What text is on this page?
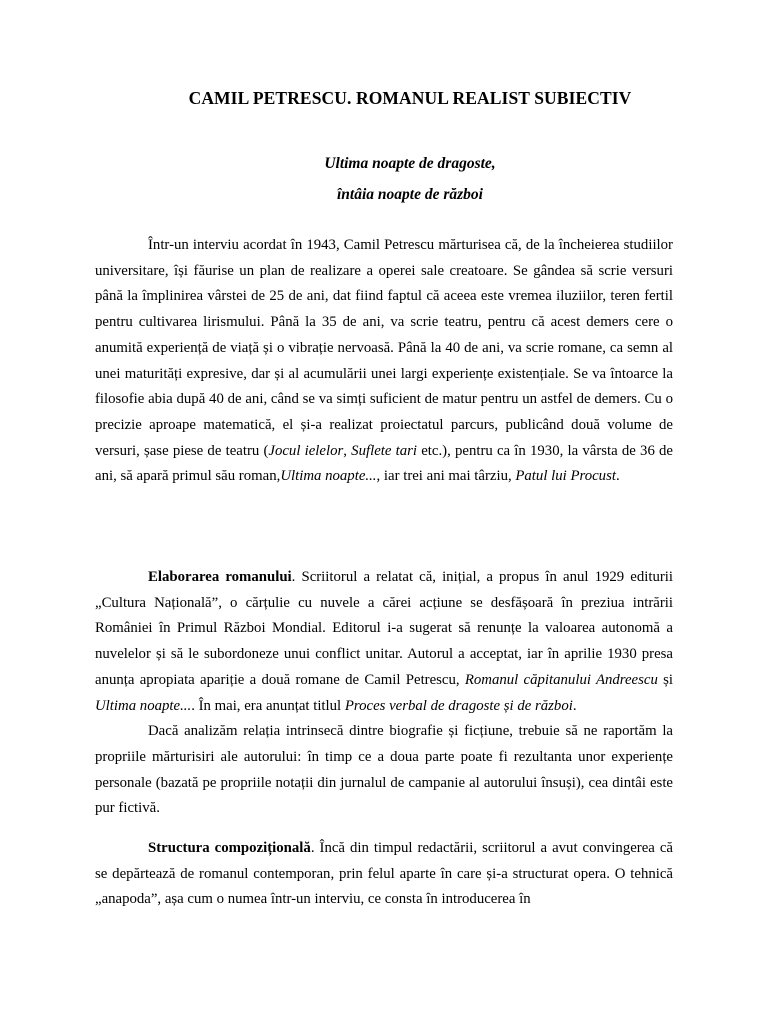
CAMIL PETRESCU. ROMANUL REALIST SUBIECTIV
Ultima noapte de dragoste,
întâia noapte de război

Într-un interviu acordat în 1943, Camil Petrescu mărturisea că, de la încheierea studiilor universitare, își făurise un plan de realizare a operei sale creatoare. Se gândea să scrie versuri până la împlinirea vârstei de 25 de ani, dat fiind faptul că aceea este vremea iluziilor, teren fertil pentru cultivarea lirismului. Până la 35 de ani, va scrie teatru, pentru că acest demers cere o anumită experiență de viață și o vibrație nervoasă. Până la 40 de ani, va scrie romane, ca semn al unei maturități expresive, dar și al acumulării unei largi experiențe existențiale. Se va întoarce la filosofie abia după 40 de ani, când se va simți suficient de matur pentru un astfel de demers. Cu o precizie aproape matematică, el și-a realizat proiectatul parcurs, publicând două volume de versuri, șase piese de teatru (Jocul ielelor, Suflete tari etc.), pentru ca în 1930, la vârsta de 36 de ani, să apară primul său roman,Ultima noapte..., iar trei ani mai târziu, Patul lui Procust.

Elaborarea romanului. Scriitorul a relatat că, inițial, a propus în anul 1929 editurii „Cultura Națională”, o cărțulie cu nuvele a cărei acțiune se desfășoară în preziua intrării României în Primul Război Mondial. Editorul i-a sugerat să renunțe la valoarea autonomă a nuvelelor și să le subordoneze unui conflict unitar. Autorul a acceptat, iar în aprilie 1930 presa anunța apropiata apariție a două romane de Camil Petrescu, Romanul căpitanului Andreescu și Ultima noapte.... În mai, era anunțat titlul Proces verbal de dragoste și de război.

Dacă analizăm relația intrinsecă dintre biografie și ficțiune, trebuie să ne raportăm la propriile mărturisiri ale autorului: în timp ce a doua parte poate fi rezultanta unor experiențe personale (bazată pe propriile notații din jurnalul de campanie al autorului însuși), cea dintâi este pur fictivă.

Structura compozițională. Încă din timpul redactării, scriitorul a avut convingerea că se depărtează de romanul contemporan, prin felul aparte în care și-a structurat opera. O tehnică „anapoda”, așa cum o numea într-un interviu, ce consta în introducerea în
